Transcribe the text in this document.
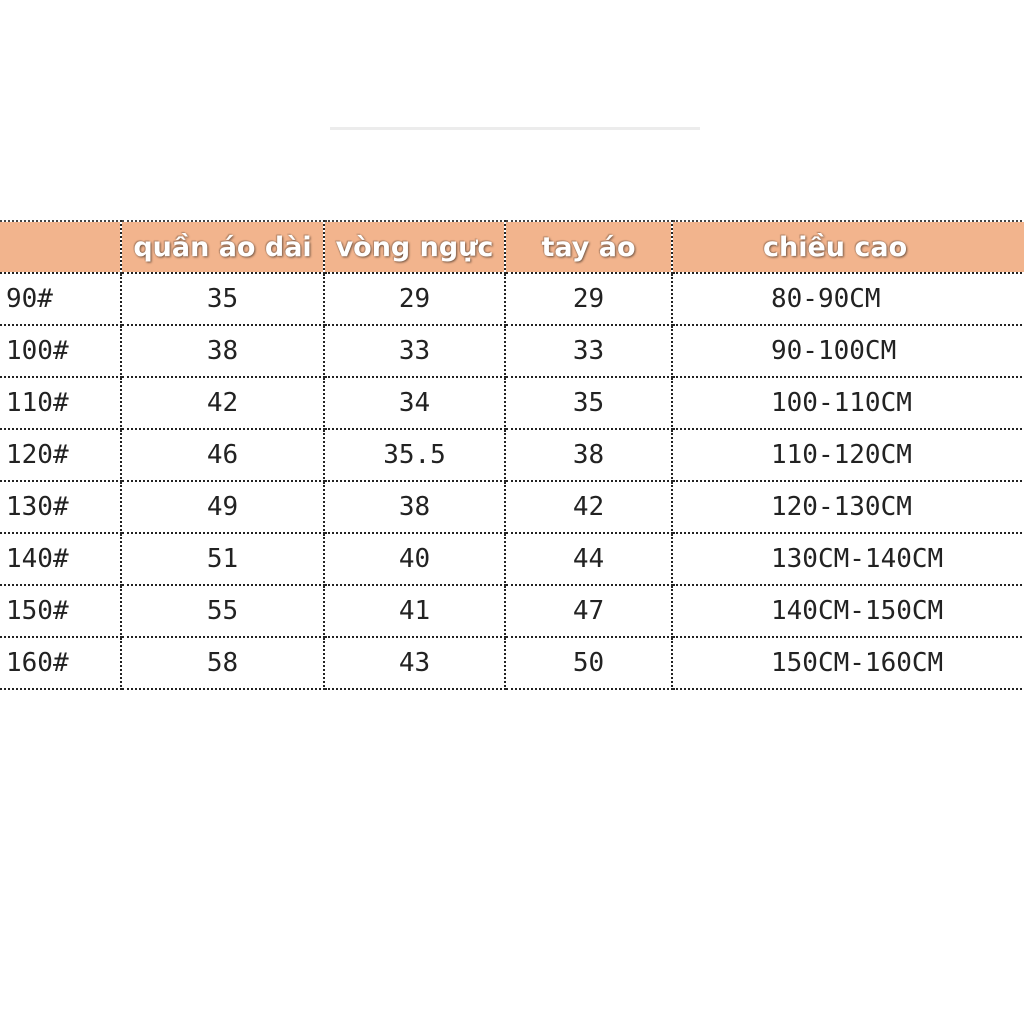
	quần áo dài	vòng ngực	tay áo	chiều cao
90#	35	29	29	80-90CM
100#	38	33	33	90-100CM
110#	42	34	35	100-110CM
120#	46	35.5	38	110-120CM
130#	49	38	42	120-130CM
140#	51	40	44	130CM-140CM
150#	55	41	47	140CM-150CM
160#	58	43	50	150CM-160CM
